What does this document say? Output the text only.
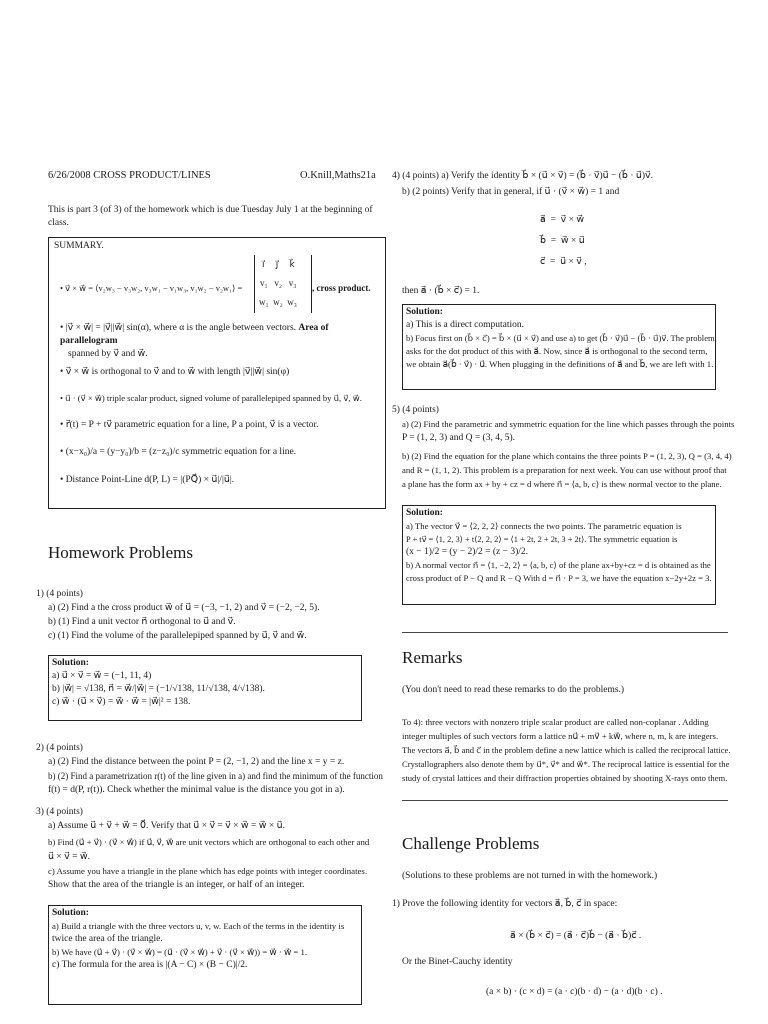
6/26/2008 CROSS PRODUCT/LINES	O.Knill,Maths21a
This is part 3 (of 3) of the homework which is due Tuesday July 1 at the beginning of class.
SUMMARY.
• v⃗ × w⃗ = ⟨v₂w₃ − v₃w₂, v₃w₁ − v₁w₃, v₁w₂ − v₂w₁⟩ =
i⃗     j⃗     k⃗
v₁   v₂   v₃
w₁  w₂  w₃
, cross product.
• |v⃗ × w⃗| = |v⃗||w⃗| sin(α), where α is the angle between vectors. Area of parallelogram
spanned by v⃗ and w⃗.
• v⃗ × w⃗ is orthogonal to v⃗ and to w⃗ with length |v⃗||w⃗| sin(φ)
• u⃗ · (v⃗ × w⃗) triple scalar product, signed volume of parallelepiped spanned by u⃗, v⃗, w⃗.
• r⃗(t) = P + tv⃗ parametric equation for a line, P a point, v⃗ is a vector.
• (x−x₀)/a = (y−y₀)/b = (z−z₀)/c symmetric equation for a line.
• Distance Point-Line d(P, L) = |(PQ⃗) × u⃗|/|u⃗|.
Homework Problems
1) (4 points)
a) (2) Find a the cross product w⃗ of u⃗ = (−3, −1, 2) and v⃗ = (−2, −2, 5).
b) (1) Find a unit vector n⃗ orthogonal to u⃗ and v⃗.
c) (1) Find the volume of the parallelepiped spanned by u⃗, v⃗ and w⃗.
Solution:
a) u⃗ × v⃗ = w⃗ = (−1, 11, 4)
b) |w⃗| = √138, n⃗ = w⃗/|w⃗| = (−1/√138, 11/√138, 4/√138).
c) w⃗ · (u⃗ × v⃗) = w⃗ · w⃗ = |w⃗|² = 138.
2) (4 points)
a) (2) Find the distance between the point P = (2, −1, 2) and the line x = y = z.
b) (2) Find a parametrization r(t) of the line given in a) and find the minimum of the function
f(t) = d(P, r(t)). Check whether the minimal value is the distance you got in a).
3) (4 points)
a) Assume u⃗ + v⃗ + w⃗ = 0⃗. Verify that u⃗ × v⃗ = v⃗ × w⃗ = w⃗ × u⃗.
b) Find (u⃗ + v⃗) · (v⃗ × w⃗) if u⃗, v⃗, w⃗ are unit vectors which are orthogonal to each other and
u⃗ × v⃗ = w⃗.
c) Assume you have a triangle in the plane which has edge points with integer coordinates.
Show that the area of the triangle is an integer, or half of an integer.
Solution:
a) Build a triangle with the three vectors u, v, w. Each of the terms in the identity is
twice the area of the triangle.
b) We have (u⃗ + v⃗) · (v⃗ × w⃗) = (u⃗ · (v⃗ × w⃗) + v⃗ · (v⃗ × w⃗)) = w⃗ · w⃗ = 1.
c) The formula for the area is |(A − C) × (B − C)|/2.
4) (4 points) a) Verify the identity b⃗ × (u⃗ × v⃗) = (b⃗ · v⃗)u⃗ − (b⃗ · u⃗)v⃗.
b) (2 points) Verify that in general, if u⃗ · (v⃗ × w⃗) = 1 and
a⃗  =  v⃗ × w⃗
b⃗  =  w⃗ × u⃗
c⃗  =  u⃗ × v⃗ ,
then a⃗ · (b⃗ × c⃗) = 1.
Solution:
a) This is a direct computation.
b) Focus first on (b⃗ × c⃗) = b⃗ × (u⃗ × v⃗) and use a) to get (b⃗ · v⃗)u⃗ − (b⃗ · u⃗)v⃗. The problem
asks for the dot product of this with a⃗. Now, since a⃗ is orthogonal to the second term,
we obtain a⃗(b⃗ · v⃗) · u⃗. When plugging in the definitions of a⃗ and b⃗, we are left with 1.
5) (4 points)
a) (2) Find the parametric and symmetric equation for the line which passes through the points
P = (1, 2, 3) and Q = (3, 4, 5).
b) (2) Find the equation for the plane which contains the three points P = (1, 2, 3), Q = (3, 4, 4)
and R = (1, 1, 2). This problem is a preparation for next week. You can use without proof that
a plane has the form ax + by + cz = d where n⃗ = ⟨a, b, c⟩ is thew normal vector to the plane.
Solution:
a) The vector v⃗ = ⟨2, 2, 2⟩ connects the two points. The parametric equation is
P + tv⃗ = ⟨1, 2, 3⟩ + t⟨2, 2, 2⟩ = ⟨1 + 2t, 2 + 2t, 3 + 2t⟩. The symmetric equation is
(x − 1)/2 = (y − 2)/2 = (z − 3)/2.
b) A normal vector n⃗ = ⟨1, −2, 2⟩ = ⟨a, b, c⟩ of the plane ax+by+cz = d is obtained as the
cross product of P − Q and R − Q With d = n⃗ · P = 3, we have the equation x−2y+2z = 3.
Remarks
(You don't need to read these remarks to do the problems.)
To 4): three vectors with nonzero triple scalar product are called non-coplanar . Adding
integer multiples of such vectors form a lattice nu⃗ + mv⃗ + kw⃗, where n, m, k are integers.
The vectors a⃗, b⃗ and c⃗ in the problem define a new lattice which is called the reciprocal lattice.
Crystallographers also denote them by u⃗*, v⃗* and w⃗*. The reciprocal lattice is essential for the
study of crystal lattices and their diffraction properties obtained by shooting X-rays onto them.
Challenge Problems
(Solutions to these problems are not turned in with the homework.)
1) Prove the following identity for vectors a⃗, b⃗, c⃗ in space:
a⃗ × (b⃗ × c⃗) = (a⃗ · c⃗)b⃗ − (a⃗ · b⃗)c⃗ .
Or the Binet-Cauchy identity
(a × b) · (c × d) = (a · c)(b · d) − (a · d)(b · c) .
